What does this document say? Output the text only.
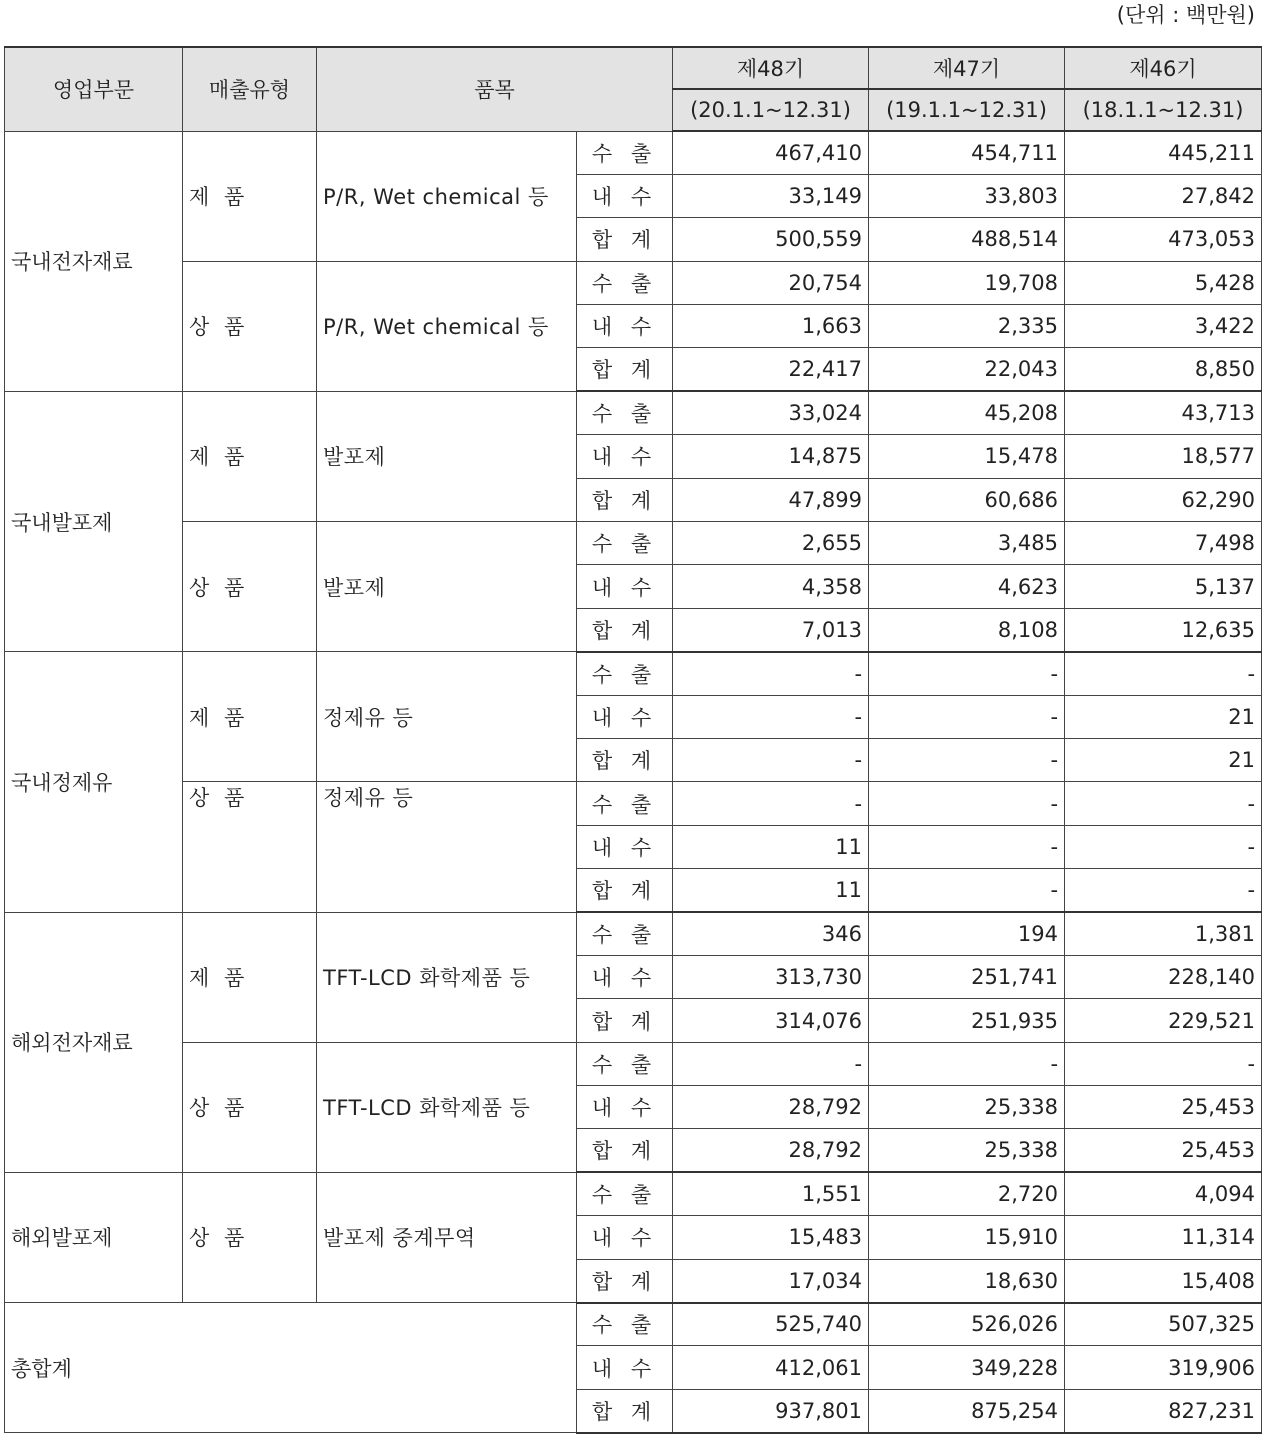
(단위 : 백만원)
영업부문	매출유형	품목		제48기	제47기	제46기
				(20.1.1~12.31)	(19.1.1~12.31)	(18.1.1~12.31)
국내전자재료	제 품	P/R, Wet chemical 등	수 출	467,410	454,711	445,211
			내 수	33,149	33,803	27,842
			합 계	500,559	488,514	473,053
	상 품	P/R, Wet chemical 등	수 출	20,754	19,708	5,428
			내 수	1,663	2,335	3,422
			합 계	22,417	22,043	8,850
국내발포제	제 품	발포제	수 출	33,024	45,208	43,713
			내 수	14,875	15,478	18,577
			합 계	47,899	60,686	62,290
	상 품	발포제	수 출	2,655	3,485	7,498
			내 수	4,358	4,623	5,137
			합 계	7,013	8,108	12,635
국내정제유	제 품	정제유 등	수 출	-	-	-
			내 수	-	-	21
			합 계	-	-	21
	상 품	정제유 등	수 출	-	-	-
			내 수	11	-	-
			합 계	11	-	-
해외전자재료	제 품	TFT-LCD 화학제품 등	수 출	346	194	1,381
			내 수	313,730	251,741	228,140
			합 계	314,076	251,935	229,521
	상 품	TFT-LCD 화학제품 등	수 출	-	-	-
			내 수	28,792	25,338	25,453
			합 계	28,792	25,338	25,453
해외발포제	상 품	발포제 중계무역	수 출	1,551	2,720	4,094
			내 수	15,483	15,910	11,314
			합 계	17,034	18,630	15,408
총합계			수 출	525,740	526,026	507,325
			내 수	412,061	349,228	319,906
			합 계	937,801	875,254	827,231
